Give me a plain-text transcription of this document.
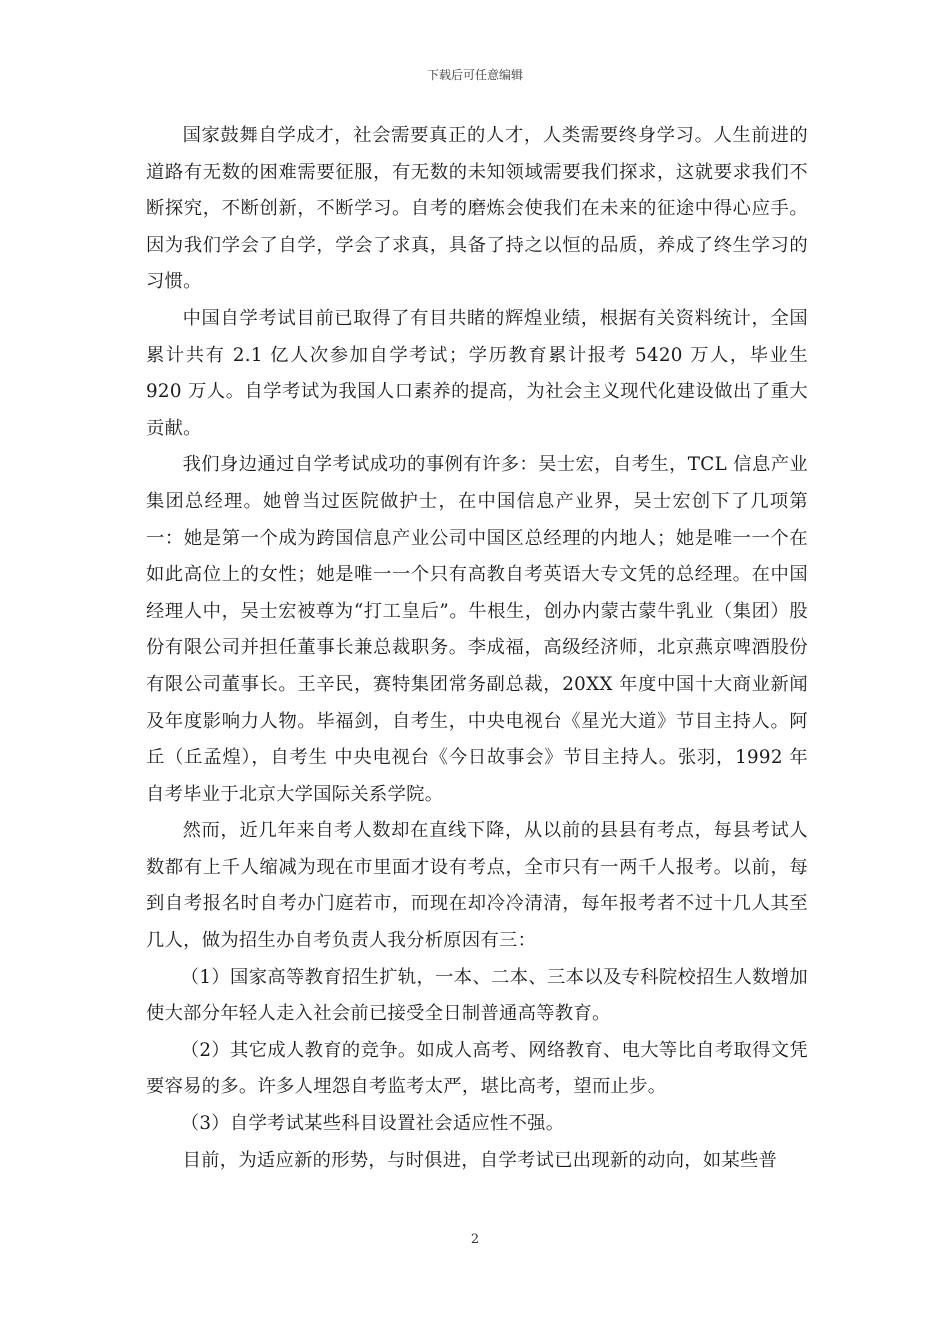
下载后可任意编辑

国家鼓舞自学成才，社会需要真正的人才，人类需要终身学习。人生前进的道路有无数的困难需要征服，有无数的未知领域需要我们探求，这就要求我们不断探究，不断创新，不断学习。自考的磨炼会使我们在未来的征途中得心应手。因为我们学会了自学，学会了求真，具备了持之以恒的品质，养成了终生学习的习惯。

中国自学考试目前已取得了有目共睹的辉煌业绩，根据有关资料统计，全国累计共有 2.1 亿人次参加自学考试；学历教育累计报考 5420 万人，毕业生 920 万人。自学考试为我国人口素养的提高，为社会主义现代化建设做出了重大贡献。

我们身边通过自学考试成功的事例有许多：吴士宏，自考生，TCL 信息产业集团总经理。她曾当过医院做护士，在中国信息产业界，吴士宏创下了几项第一：她是第一个成为跨国信息产业公司中国区总经理的内地人；她是唯一一个在如此高位上的女性；她是唯一一个只有高教自考英语大专文凭的总经理。在中国经理人中，吴士宏被尊为“打工皇后”。牛根生，创办内蒙古蒙牛乳业（集团）股份有限公司并担任董事长兼总裁职务。李成福，高级经济师，北京燕京啤酒股份有限公司董事长。王辛民，赛特集团常务副总裁，20XX 年度中国十大商业新闻及年度影响力人物。毕福剑，自考生，中央电视台《星光大道》节目主持人。阿丘（丘孟煌），自考生 中央电视台《今日故事会》节目主持人。张羽，1992 年自考毕业于北京大学国际关系学院。

然而，近几年来自考人数却在直线下降，从以前的县县有考点，每县考试人数都有上千人缩减为现在市里面才设有考点，全市只有一两千人报考。以前，每到自考报名时自考办门庭若市，而现在却冷冷清清，每年报考者不过十几人其至几人，做为招生办自考负责人我分析原因有三：

（1）国家高等教育招生扩轨，一本、二本、三本以及专科院校招生人数增加使大部分年轻人走入社会前已接受全日制普通高等教育。

（2）其它成人教育的竞争。如成人高考、网络教育、电大等比自考取得文凭要容易的多。许多人埋怨自考监考太严，堪比高考，望而止步。

（3）自学考试某些科目设置社会适应性不强。

目前，为适应新的形势，与时俱进，自学考试已出现新的动向，如某些普

2
